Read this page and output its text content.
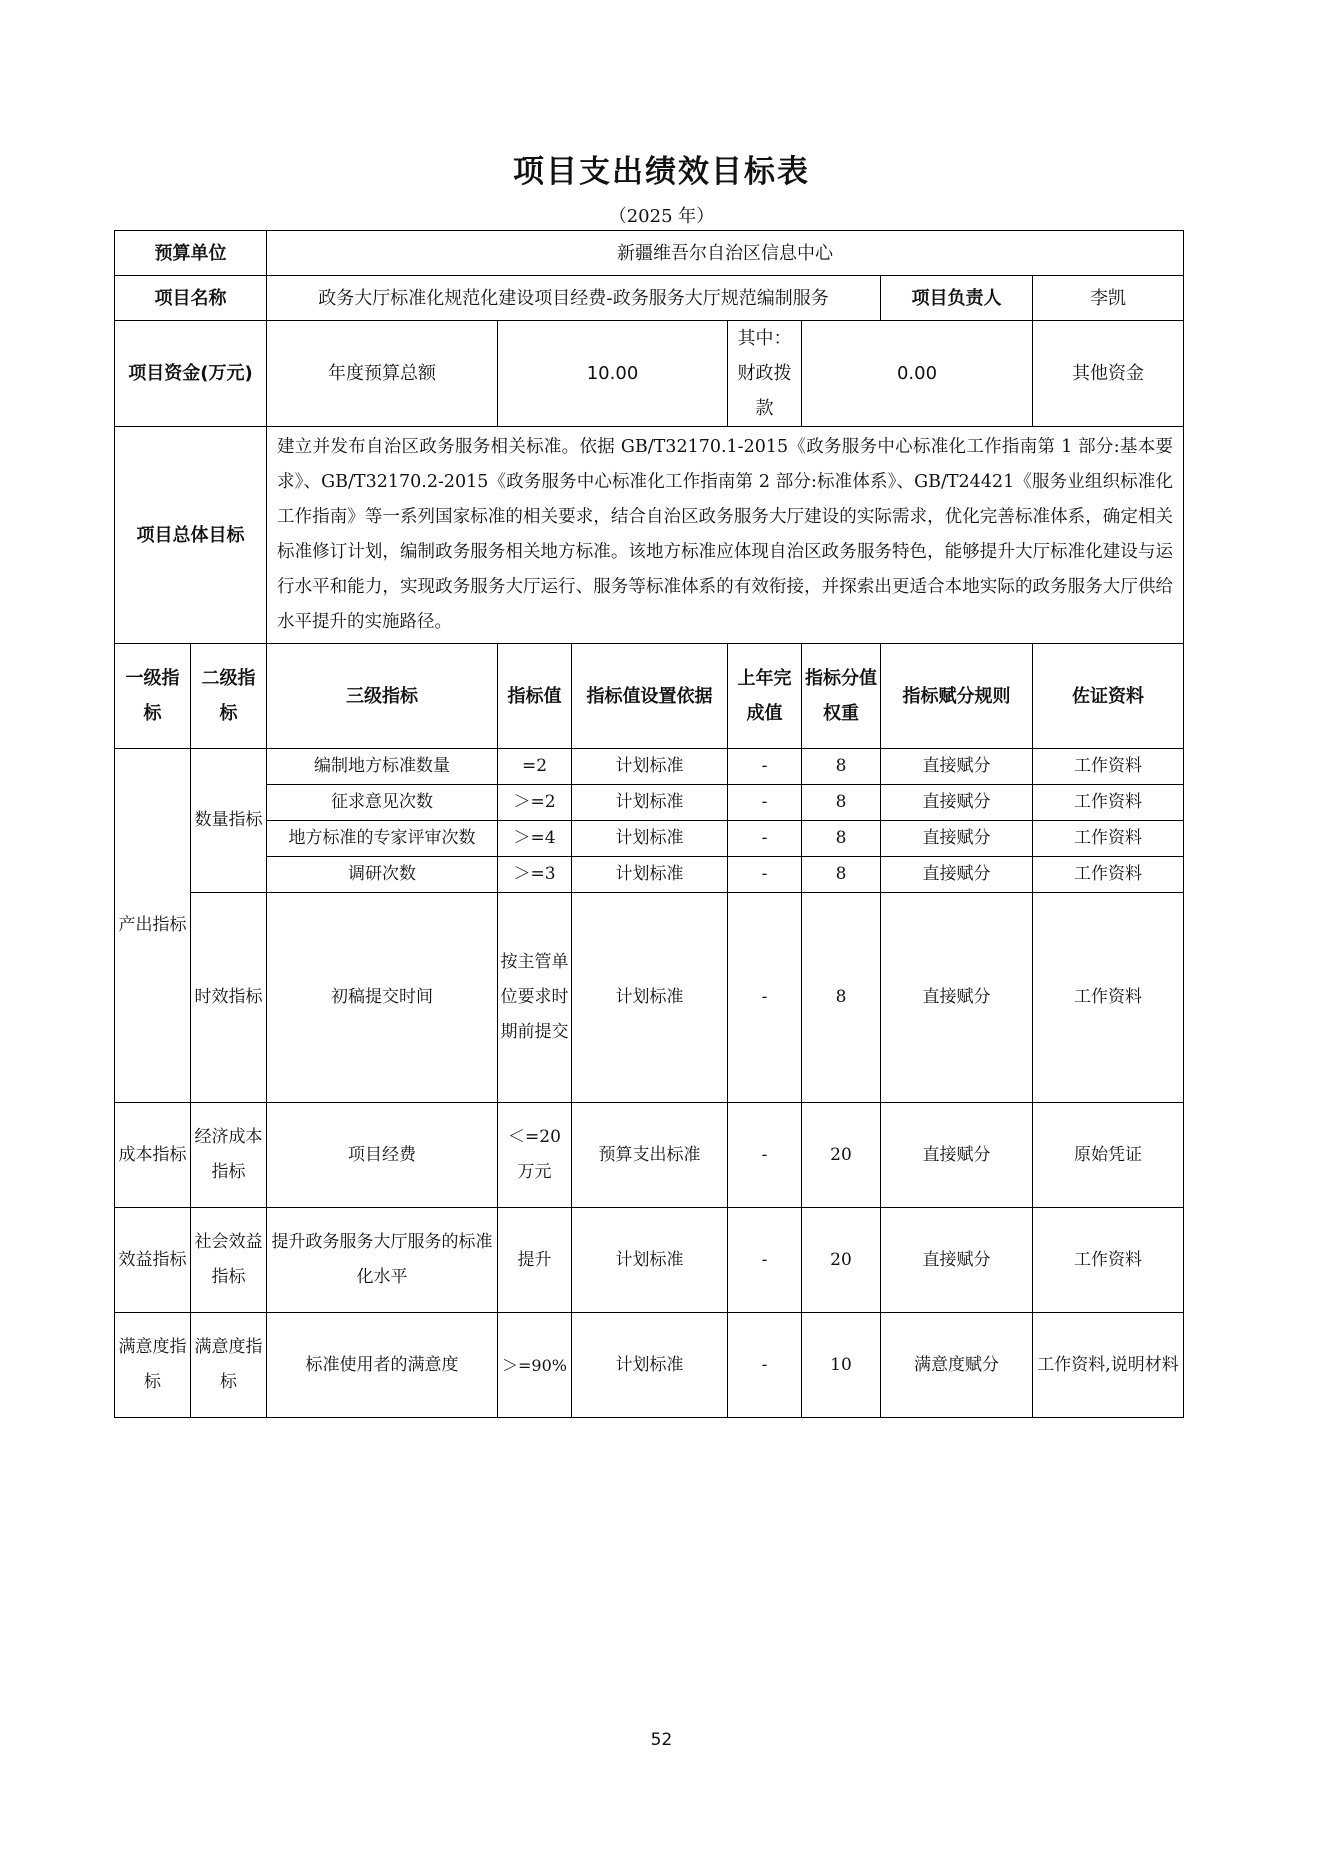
项目支出绩效目标表
（2025 年）
预算单位		新疆维吾尔自治区信息中心							
项目名称		政务大厅标准化规范化建设项目经费-政务服务大厅规范编制服务					项目负责人	李凯	
项目资金(万元)		年度预算总额	10.00		其中：财政拨款	0.00		其他资金	
项目总体目标		建立并发布自治区政务服务相关标准。依据 GB/T32170.1-2015《政务服务中心标准化工作指南第 1 部分:基本要求》、GB/T32170.2-2015《政务服务中心标准化工作指南第 2 部分:标准体系》、GB/T24421《服务业组织标准化工作指南》等一系列国家标准的相关要求，结合自治区政务服务大厅建设的实际需求，优化完善标准体系，确定相关标准修订计划，编制政务服务相关地方标准。该地方标准应体现自治区政务服务特色，能够提升大厅标准化建设与运行水平和能力，实现政务服务大厅运行、服务等标准体系的有效衔接，并探索出更适合本地实际的政务服务大厅供给水平提升的实施路径。							
一级指标	二级指标	三级指标	指标值	指标值设置依据	上年完成值	指标分值权重	指标赋分规则	佐证资料	
产出指标	数量指标	编制地方标准数量	=2	计划标准	-	8	直接赋分	工作资料	
		征求意见次数	＞=2	计划标准	-	8	直接赋分	工作资料	
		地方标准的专家评审次数	＞=4	计划标准	-	8	直接赋分	工作资料	
		调研次数	＞=3	计划标准	-	8	直接赋分	工作资料	
	时效指标	初稿提交时间	按主管单位要求时期前提交	计划标准	-	8	直接赋分	工作资料	
成本指标	经济成本指标	项目经费	＜=20万元	预算支出标准	-	20	直接赋分	原始凭证	
效益指标	社会效益指标	提升政务服务大厅服务的标准化水平	提升	计划标准	-	20	直接赋分	工作资料	
满意度指标	满意度指标	标准使用者的满意度	＞=90%	计划标准	-	10	满意度赋分	工作资料,说明材料	
52
